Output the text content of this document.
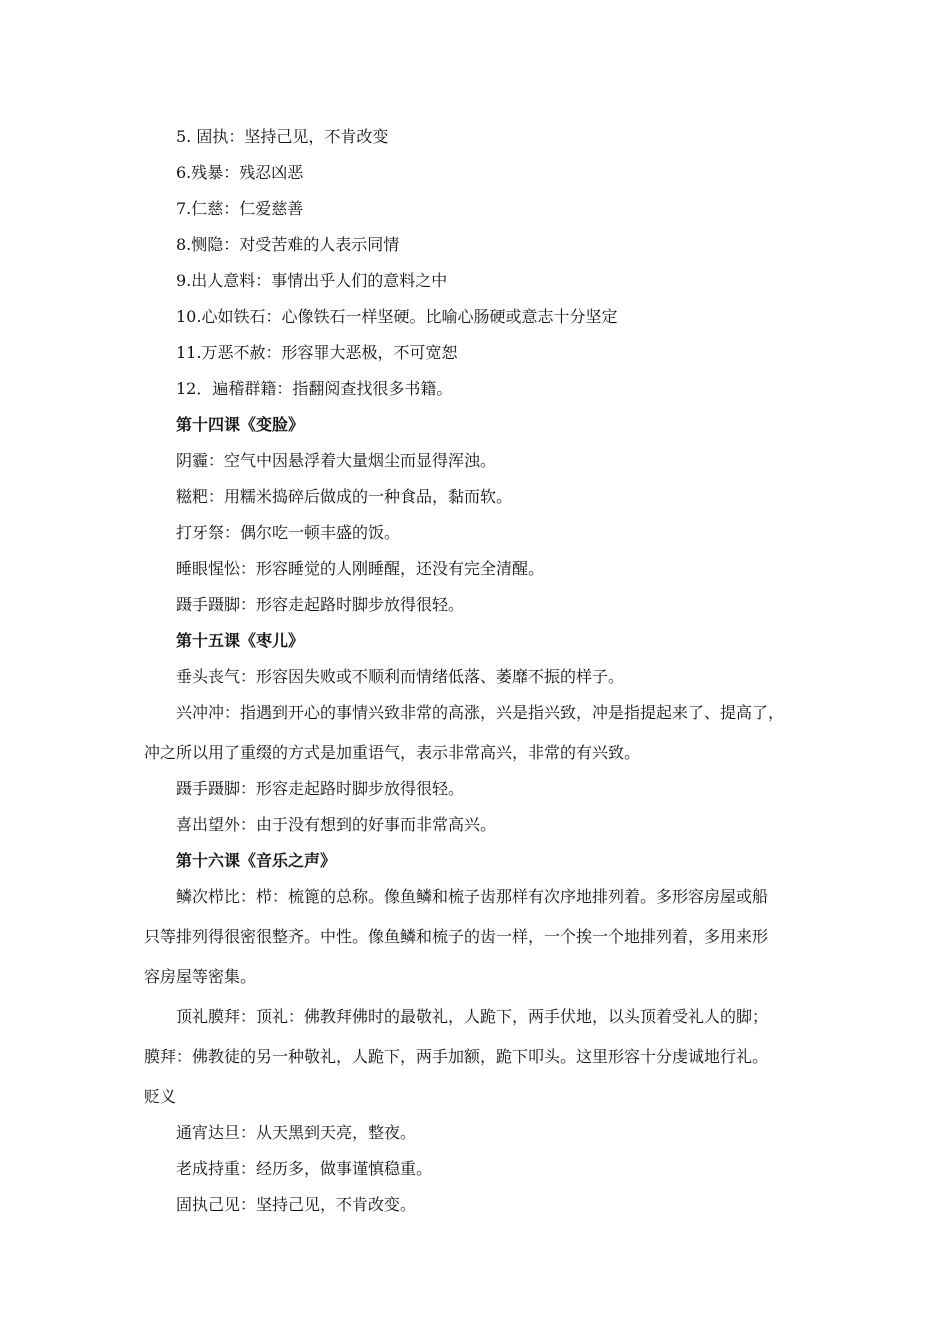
5. 固执：坚持己见，不肯改变

6.残暴：残忍凶恶

7.仁慈：仁爱慈善

8.恻隐：对受苦难的人表示同情

9.出人意料：事情出乎人们的意料之中

10.心如铁石：心像铁石一样坚硬。比喻心肠硬或意志十分坚定

11.万恶不赦：形容罪大恶极，不可宽恕

12．遍稽群籍：指翻阅查找很多书籍。

第十四课《变脸》

阴霾：空气中因悬浮着大量烟尘而显得浑浊。

糍粑：用糯米捣碎后做成的一种食品，黏而软。

打牙祭：偶尔吃一顿丰盛的饭。

睡眼惺忪：形容睡觉的人刚睡醒，还没有完全清醒。

蹑手蹑脚：形容走起路时脚步放得很轻。

第十五课《枣儿》

垂头丧气：形容因失败或不顺利而情绪低落、萎靡不振的样子。

兴冲冲：指遇到开心的事情兴致非常的高涨，兴是指兴致，冲是指提起来了、提高了，

冲之所以用了重缀的方式是加重语气，表示非常高兴，非常的有兴致。

蹑手蹑脚：形容走起路时脚步放得很轻。

喜出望外：由于没有想到的好事而非常高兴。

第十六课《音乐之声》

鳞次栉比：栉：梳篦的总称。像鱼鳞和梳子齿那样有次序地排列着。多形容房屋或船

只等排列得很密很整齐。中性。像鱼鳞和梳子的齿一样，一个挨一个地排列着，多用来形

容房屋等密集。

顶礼膜拜：顶礼：佛教拜佛时的最敬礼，人跪下，两手伏地，以头顶着受礼人的脚；

膜拜：佛教徒的另一种敬礼，人跪下，两手加额，跪下叩头。这里形容十分虔诚地行礼。

贬义

通宵达旦：从天黑到天亮，整夜。

老成持重：经历多，做事谨慎稳重。

固执己见：坚持己见，不肯改变。
